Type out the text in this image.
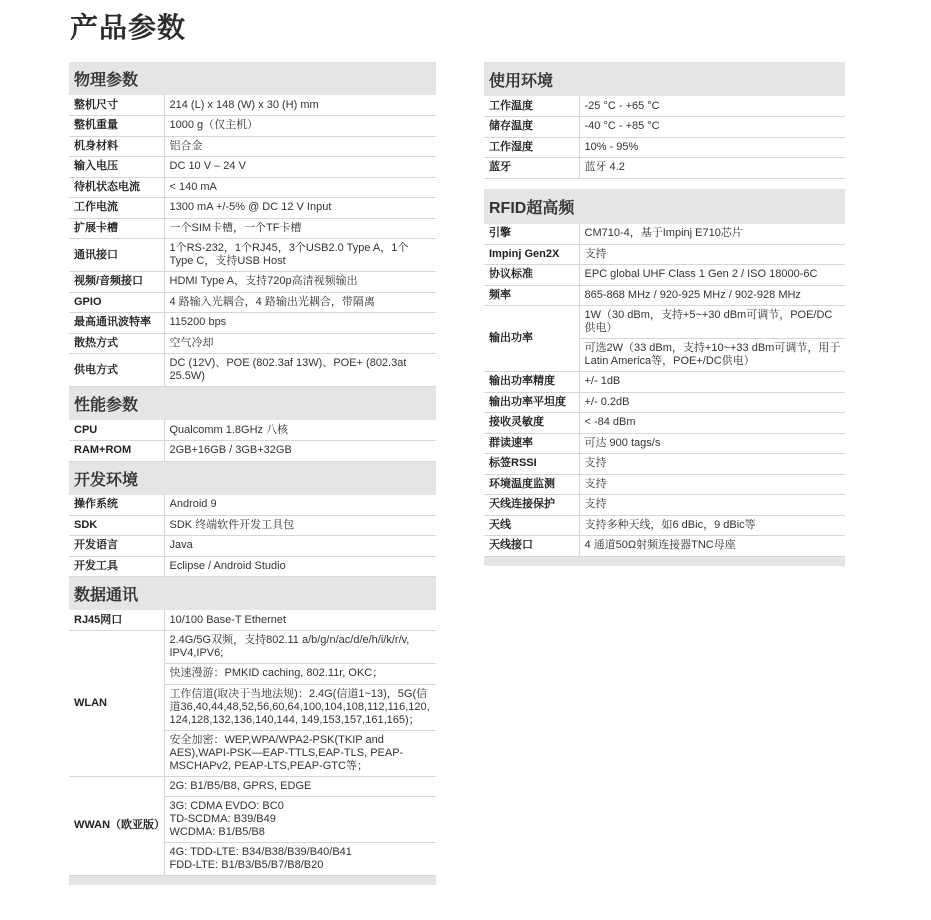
产品参数
物理参数
整机尺寸	214 (L) x 148 (W) x 30 (H) mm
整机重量	1000 g（仅主机）
机身材料	铝合金
输入电压	DC 10 V – 24 V
待机状态电流	< 140 mA
工作电流	1300 mA +/-5% @ DC 12 V Input
扩展卡槽	一个SIM卡槽，一个TF卡槽
通讯接口	1个RS-232，1个RJ45，3个USB2.0 Type A，1个Type C，支持USB Host
视频/音频接口	HDMI Type A，支持720p高清视频输出
GPIO	4 路输入光耦合，4 路输出光耦合，带隔离
最高通讯波特率	115200 bps
散热方式	空气冷却
供电方式	DC (12V)、POE (802.3af 13W)、POE+ (802.3at 25.5W)
性能参数
CPU	Qualcomm 1.8GHz 八核
RAM+ROM	2GB+16GB / 3GB+32GB
开发环境
操作系统	Android 9
SDK	SDK 终端软件开发工具包
开发语言	Java
开发工具	Eclipse / Android Studio
数据通讯
RJ45网口	10/100 Base-T Ethernet
WLAN	2.4G/5G双频，支持802.11 a/b/g/n/ac/d/e/h/i/k/r/v, IPV4,IPV6;
	快速漫游：PMKID caching, 802.11r, OKC；
	工作信道(取决于当地法规)：2.4G(信道1~13)，5G(信道36,40,44,48,52,56,60,64,100,104,108,112,116,120, 124,128,132,136,140,144, 149,153,157,161,165)；
	安全加密：WEP,WPA/WPA2-PSK(TKIP and AES),WAPI-PSK—EAP-TTLS,EAP-TLS, PEAP-MSCHAPv2, PEAP-LTS,PEAP-GTC等；
WWAN（欧亚版）	2G: B1/B5/B8, GPRS, EDGE
	3G: CDMA EVDO: BC0
TD-SCDMA: B39/B49
WCDMA: B1/B5/B8
	4G: TDD-LTE: B34/B38/B39/B40/B41
FDD-LTE: B1/B3/B5/B7/B8/B20
使用环境
工作温度	-25 °C - +65 °C
储存温度	-40 °C - +85 °C
工作湿度	10% - 95%
蓝牙	蓝牙 4.2
RFID超高频
引擎	CM710-4，基于Impinj E710芯片
Impinj Gen2X	支持
协议标准	EPC global UHF Class 1 Gen 2 / ISO 18000-6C
频率	865-868 MHz / 920-925 MHz / 902-928 MHz
输出功率	1W（30 dBm，支持+5~+30 dBm可调节，POE/DC供电）
	可选2W（33 dBm，支持+10~+33 dBm可调节，用于Latin America等，POE+/DC供电）
输出功率精度	+/- 1dB
输出功率平坦度	+/- 0.2dB
接收灵敏度	< -84 dBm
群读速率	可达 900 tags/s
标签RSSI	支持
环境温度监测	支持
天线连接保护	支持
天线	支持多种天线，如6 dBic，9 dBic等
天线接口	4 通道50Ω射频连接器TNC母座
